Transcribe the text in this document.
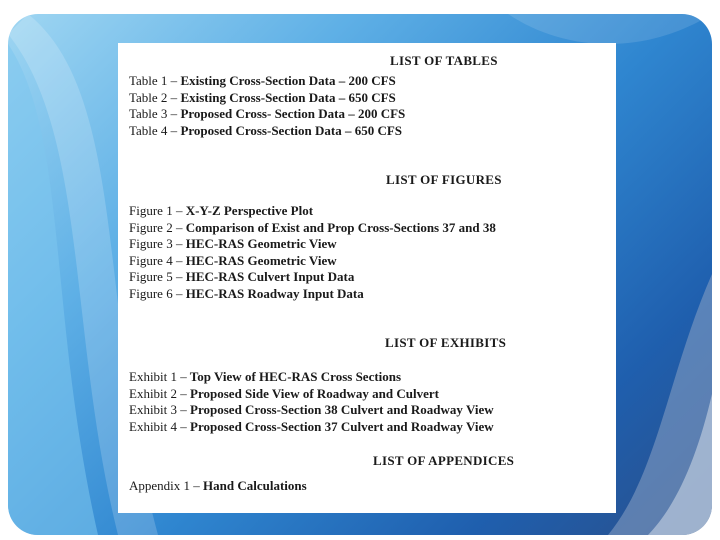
LIST OF TABLES
Table 1 – Existing Cross-Section Data – 200 CFS
Table 2 – Existing Cross-Section Data – 650 CFS
Table 3 – Proposed Cross- Section Data – 200 CFS
Table 4 – Proposed Cross-Section Data – 650 CFS
LIST OF FIGURES
Figure 1 – X-Y-Z Perspective Plot
Figure 2 – Comparison of Exist and Prop Cross-Sections 37 and 38
Figure 3 – HEC-RAS Geometric View
Figure 4 – HEC-RAS Geometric View
Figure 5 – HEC-RAS Culvert Input Data
Figure 6 – HEC-RAS Roadway Input Data
LIST OF EXHIBITS
Exhibit 1 – Top View of HEC-RAS Cross Sections
Exhibit 2 – Proposed Side View of Roadway and Culvert
Exhibit 3 – Proposed Cross-Section 38 Culvert and Roadway View
Exhibit 4 – Proposed Cross-Section 37 Culvert and Roadway View
LIST OF APPENDICES
Appendix 1 – Hand Calculations
